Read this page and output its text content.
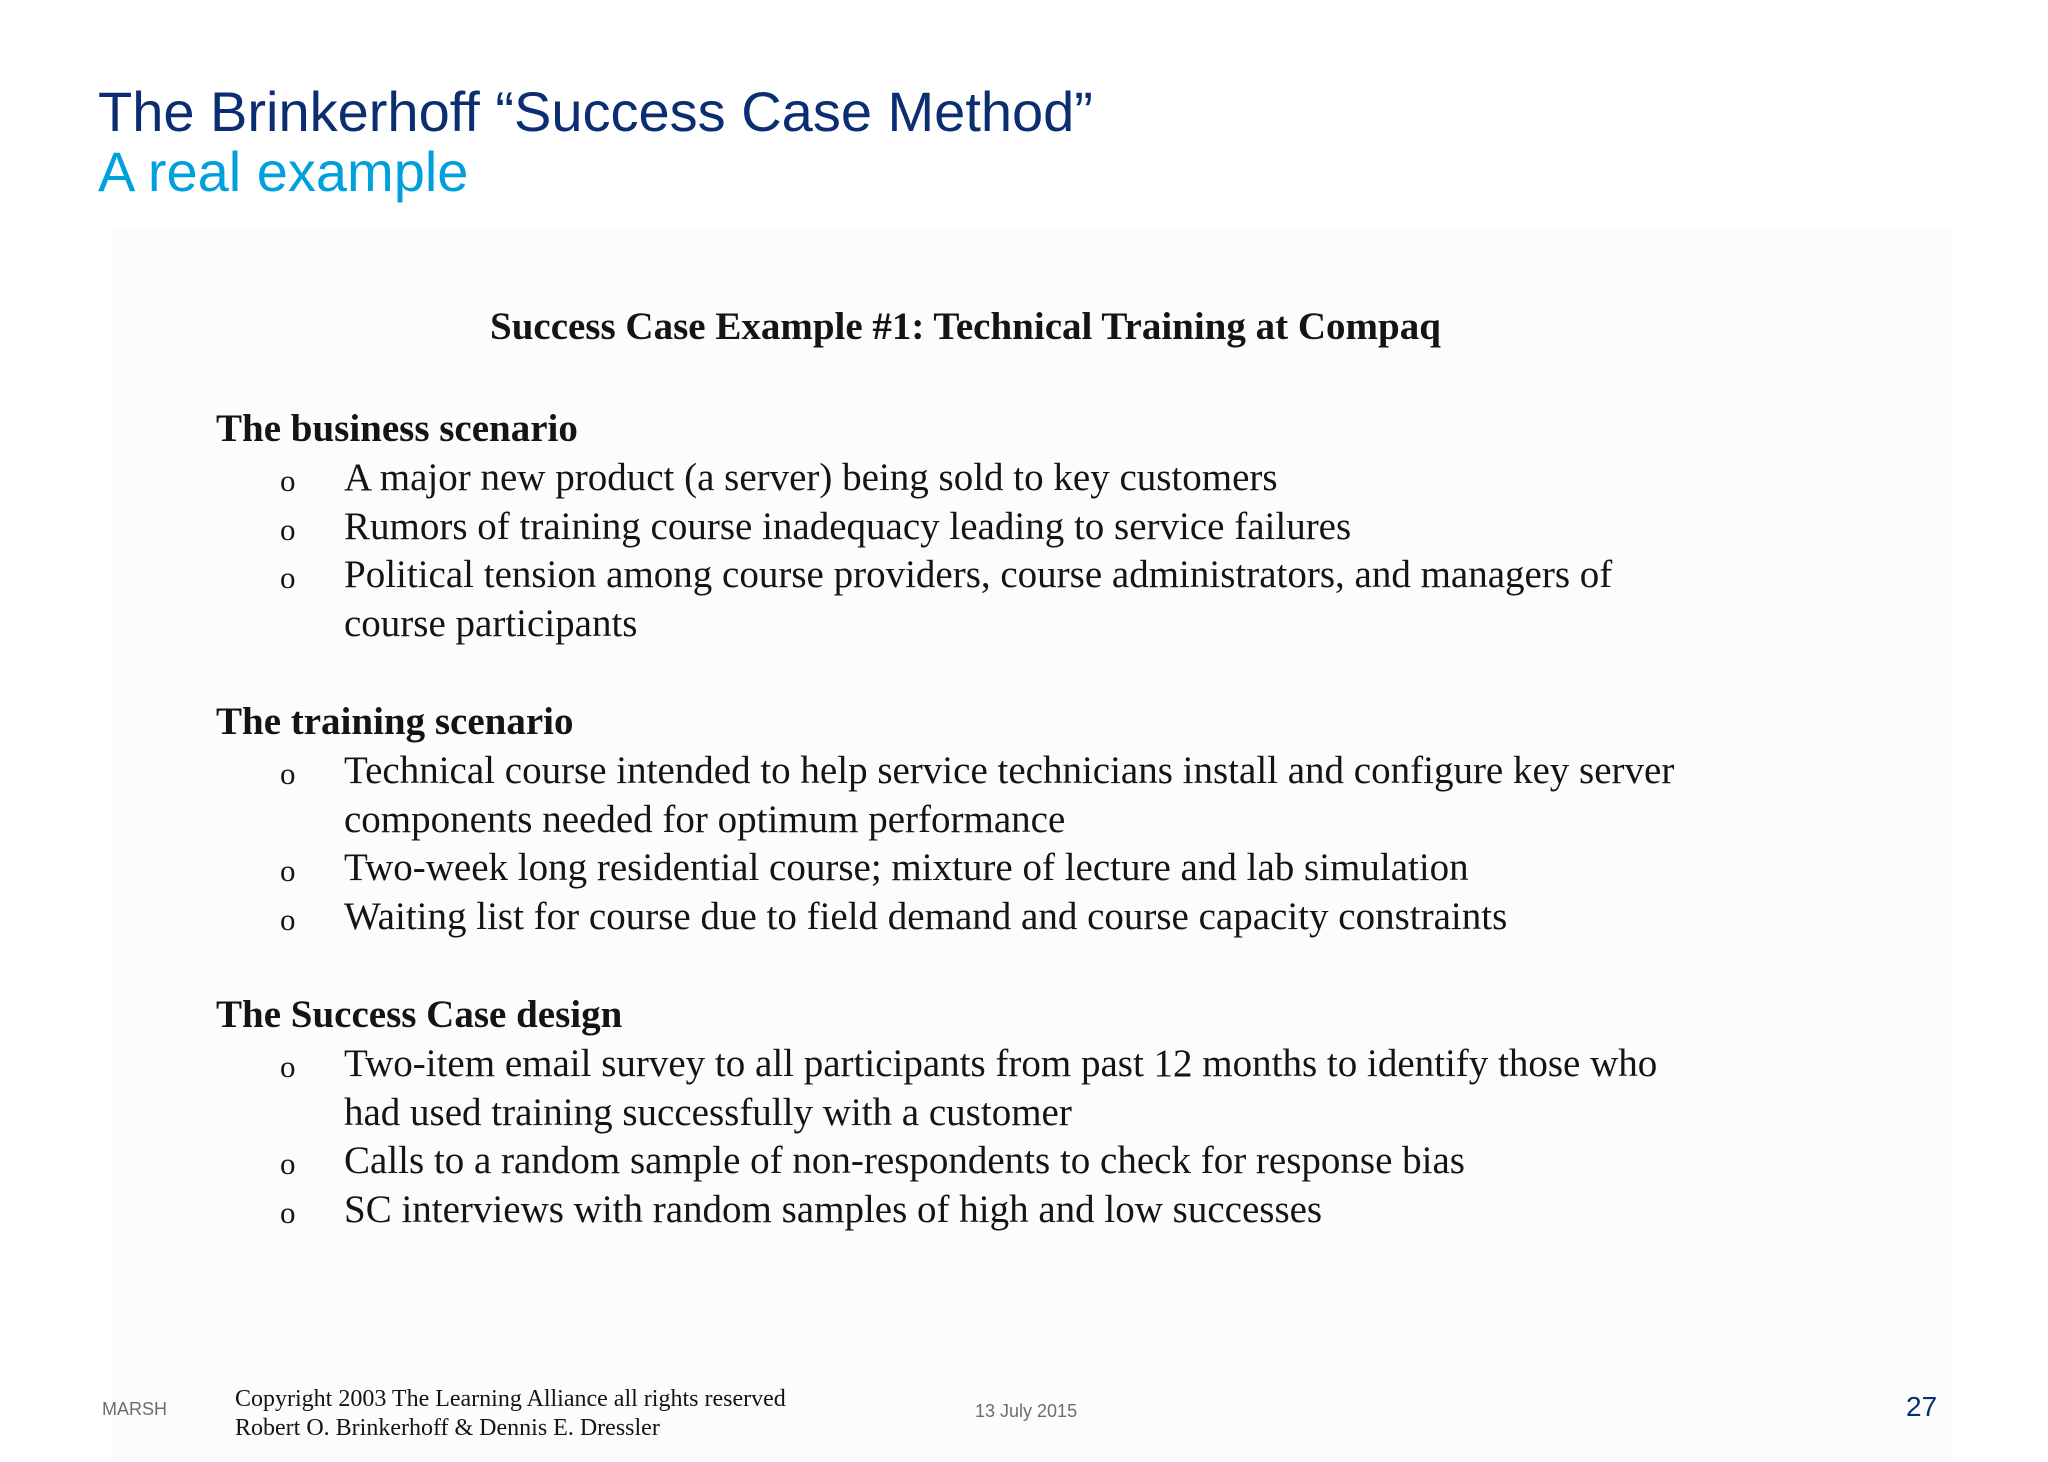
The Brinkerhoff “Success Case Method”
A real example
Success Case Example #1: Technical Training at Compaq
The business scenario
o A major new product (a server) being sold to key customers
o Rumors of training course inadequacy leading to service failures
o Political tension among course providers, course administrators, and managers of
course participants
The training scenario
o Technical course intended to help service technicians install and configure key server
components needed for optimum performance
o Two-week long residential course; mixture of lecture and lab simulation
o Waiting list for course due to field demand and course capacity constraints
The Success Case design
o Two-item email survey to all participants from past 12 months to identify those who
had used training successfully with a customer
o Calls to a random sample of non-respondents to check for response bias
o SC interviews with random samples of high and low successes
MARSH	Copyright 2003 The Learning Alliance all rights reserved
Robert O. Brinkerhoff & Dennis E. Dressler
13 July 2015	27
